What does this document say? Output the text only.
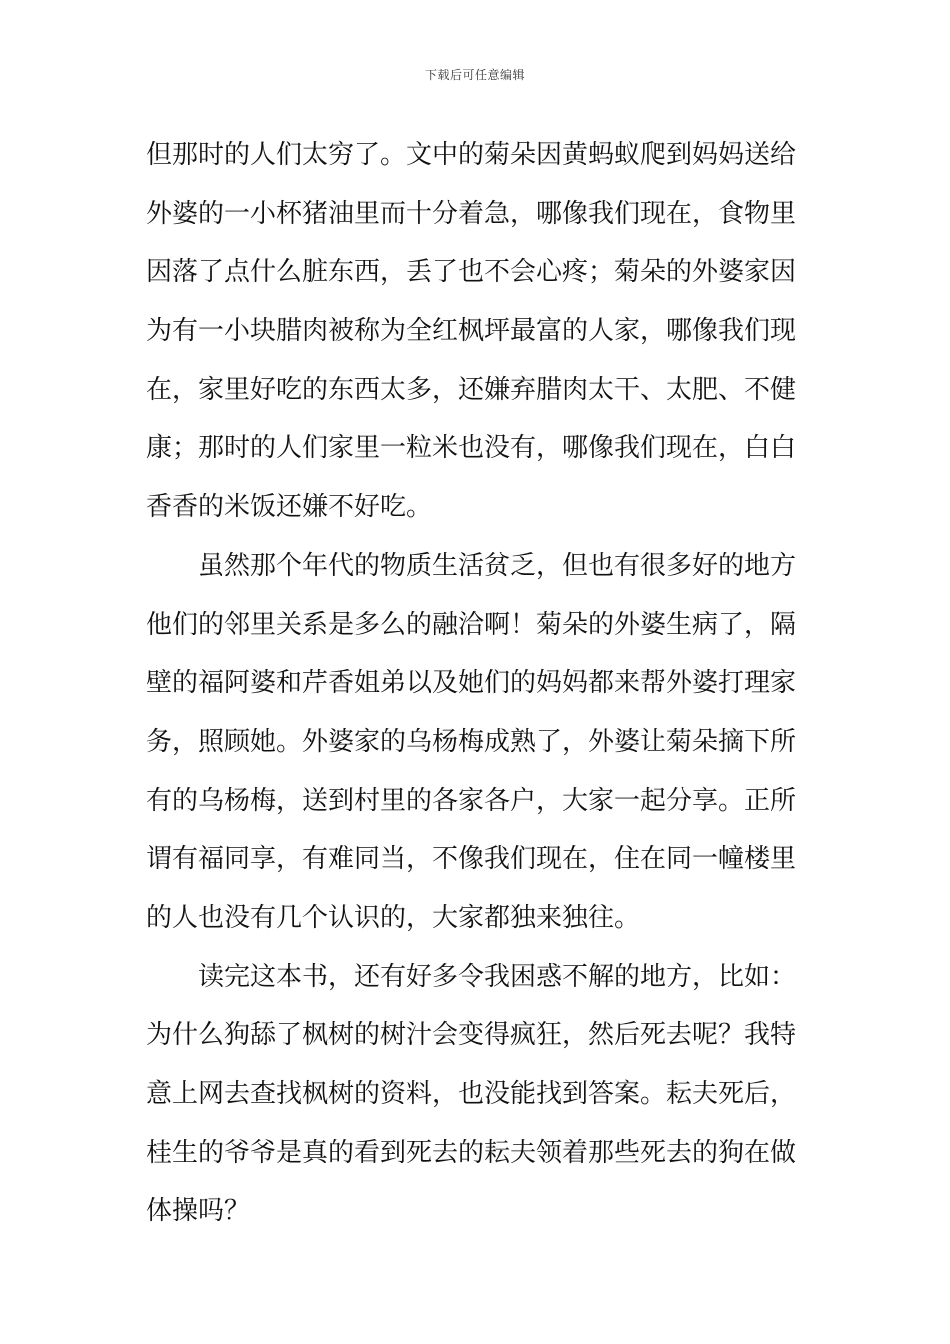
下载后可任意编辑
但那时的人们太穷了。文中的菊朵因黄蚂蚁爬到妈妈送给
外婆的一小杯猪油里而十分着急，哪像我们现在，食物里
因落了点什么脏东西，丢了也不会心疼；菊朵的外婆家因
为有一小块腊肉被称为全红枫坪最富的人家，哪像我们现
在，家里好吃的东西太多，还嫌弃腊肉太干、太肥、不健
康；那时的人们家里一粒米也没有，哪像我们现在，白白
香香的米饭还嫌不好吃。
虽然那个年代的物质生活贫乏，但也有很多好的地方
他们的邻里关系是多么的融洽啊！菊朵的外婆生病了，隔
壁的福阿婆和芹香姐弟以及她们的妈妈都来帮外婆打理家
务，照顾她。外婆家的乌杨梅成熟了，外婆让菊朵摘下所
有的乌杨梅，送到村里的各家各户，大家一起分享。正所
谓有福同享，有难同当，不像我们现在，住在同一幢楼里
的人也没有几个认识的，大家都独来独往。
读完这本书，还有好多令我困惑不解的地方，比如：
为什么狗舔了枫树的树汁会变得疯狂，然后死去呢？我特
意上网去查找枫树的资料，也没能找到答案。耘夫死后，
桂生的爷爷是真的看到死去的耘夫领着那些死去的狗在做
体操吗？
